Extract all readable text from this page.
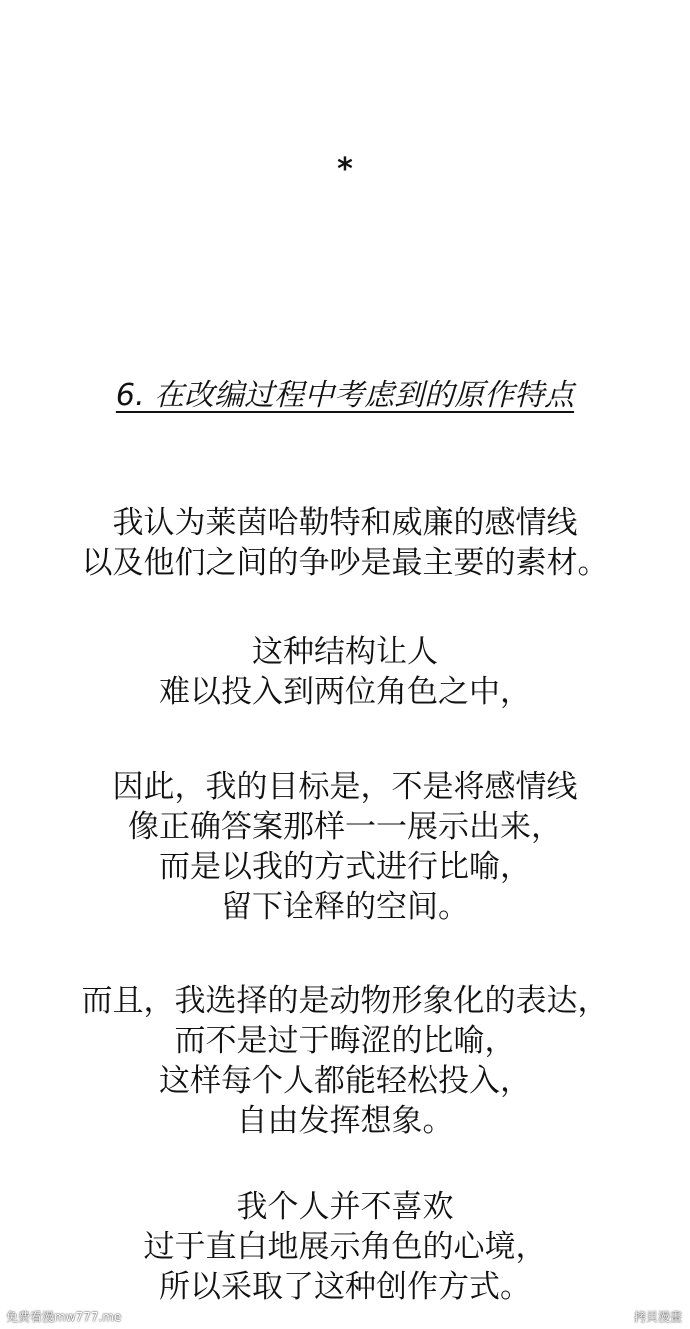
*
6. 在改编过程中考虑到的原作特点
我认为莱茵哈勒特和威廉的感情线
以及他们之间的争吵是最主要的素材。
这种结构让人
难以投入到两位角色之中，
因此，我的目标是，不是将感情线
像正确答案那样一一展示出来，
而是以我的方式进行比喻，
留下诠释的空间。
而且，我选择的是动物形象化的表达，
而不是过于晦涩的比喻，
这样每个人都能轻松投入，
自由发挥想象。
我个人并不喜欢
过于直白地展示角色的心境，
所以采取了这种创作方式。
免费看漫mw777.me	拷貝漫畫
